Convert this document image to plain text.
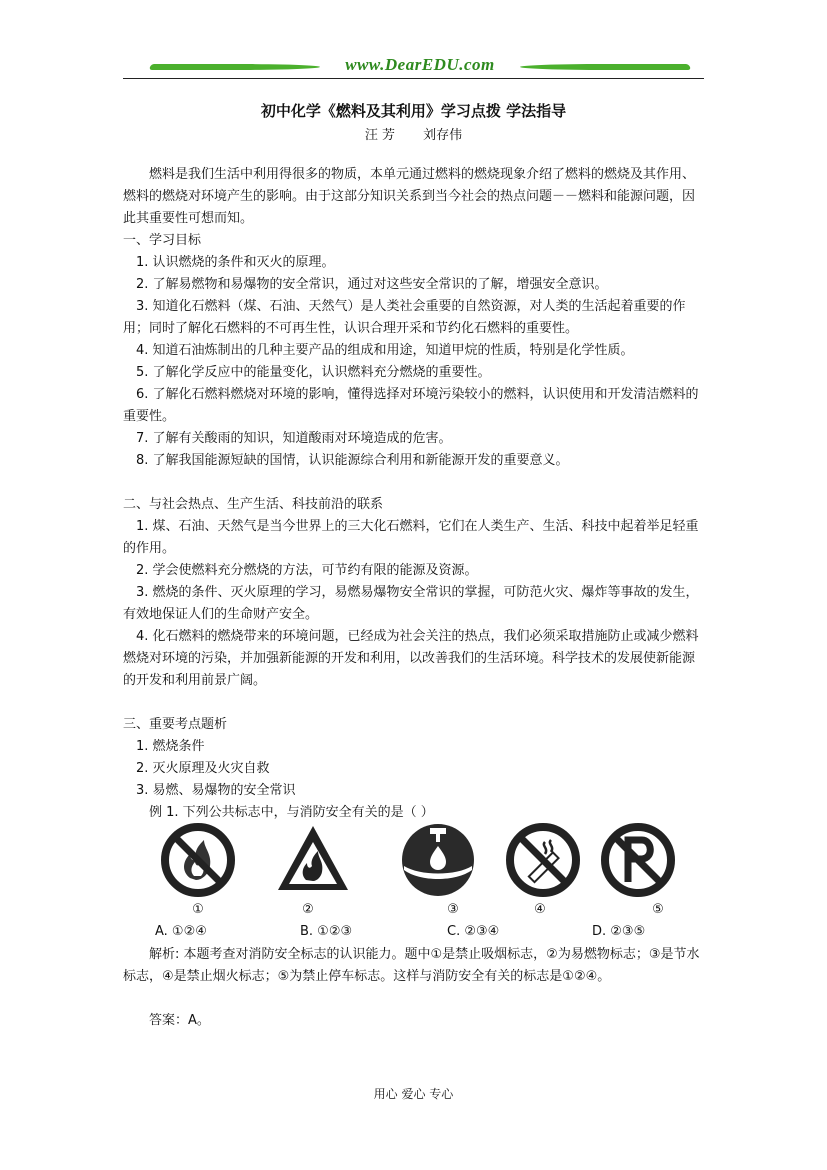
www.DearEDU.com
初中化学《燃料及其利用》学习点拨 学法指导
汪 芳 刘存伟

燃料是我们生活中利用得很多的物质，本单元通过燃料的燃烧现象介绍了燃料的燃烧及其作用、燃料的燃烧对环境产生的影响。由于这部分知识关系到当今社会的热点问题－－燃料和能源问题，因此其重要性可想而知。

一、学习目标

1. 认识燃烧的条件和灭火的原理。

2. 了解易燃物和易爆物的安全常识，通过对这些安全常识的了解，增强安全意识。

3. 知道化石燃料（煤、石油、天然气）是人类社会重要的自然资源，对人类的生活起着重要的作用；同时了解化石燃料的不可再生性，认识合理开采和节约化石燃料的重要性。

4. 知道石油炼制出的几种主要产品的组成和用途，知道甲烷的性质，特别是化学性质。

5. 了解化学反应中的能量变化，认识燃料充分燃烧的重要性。

6. 了解化石燃料燃烧对环境的影响，懂得选择对环境污染较小的燃料，认识使用和开发清洁燃料的重要性。

7. 了解有关酸雨的知识，知道酸雨对环境造成的危害。

8. 了解我国能源短缺的国情，认识能源综合利用和新能源开发的重要意义。

二、与社会热点、生产生活、科技前沿的联系

1. 煤、石油、天然气是当今世界上的三大化石燃料，它们在人类生产、生活、科技中起着举足轻重的作用。

2. 学会使燃料充分燃烧的方法，可节约有限的能源及资源。

3. 燃烧的条件、灭火原理的学习，易燃易爆物安全常识的掌握，可防范火灾、爆炸等事故的发生，有效地保证人们的生命财产安全。

4. 化石燃料的燃烧带来的环境问题，已经成为社会关注的热点，我们必须采取措施防止或减少燃料燃烧对环境的污染，并加强新能源的开发和利用，以改善我们的生活环境。科学技术的发展使新能源的开发和利用前景广阔。

三、重要考点题析

1. 燃烧条件

2. 灭火原理及火灾自救

3. 易燃、易爆物的安全常识

例 1. 下列公共标志中，与消防安全有关的是（ ）

①	②	③	④	⑤
A. ①②④	B. ①②③	C. ②③④	D. ②③⑤

解析: 本题考查对消防安全标志的认识能力。题中①是禁止吸烟标志，②为易燃物标志；③是节水标志，④是禁止烟火标志；⑤为禁止停车标志。这样与消防安全有关的标志是①②④。

答案：A。

用心 爱心 专心
